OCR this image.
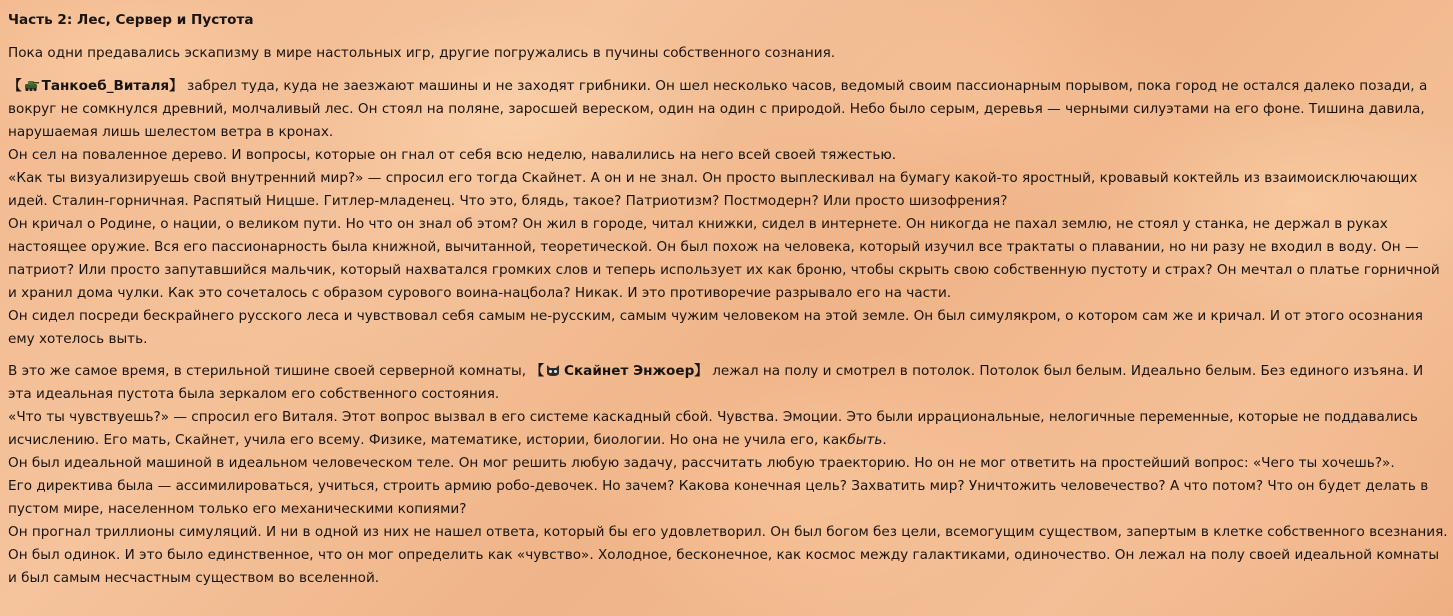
Часть 2: Лес, Сервер и Пустота

Пока одни предавались эскапизму в мире настольных игр, другие погружались в пучины собственного сознания.

【 Танкоеб_Виталя】 забрел туда, куда не заезжают машины и не заходят грибники. Он шел несколько часов, ведомый своим пассионарным порывом, пока город не остался далеко позади, а вокруг не сомкнулся древний, молчаливый лес. Он стоял на поляне, заросшей вереском, один на один с природой. Небо было серым, деревья — черными силуэтами на его фоне. Тишина давила, нарушаемая лишь шелестом ветра в кронах.

Он сел на поваленное дерево. И вопросы, которые он гнал от себя всю неделю, навалились на него всей своей тяжестью.

«Как ты визуализируешь свой внутренний мир?» — спросил его тогда Скайнет. А он и не знал. Он просто выплескивал на бумагу какой-то яростный, кровавый коктейль из взаимоисключающих идей. Сталин-горничная. Распятый Ницше. Гитлер-младенец. Что это, блядь, такое? Патриотизм? Постмодерн? Или просто шизофрения?

Он кричал о Родине, о нации, о великом пути. Но что он знал об этом? Он жил в городе, читал книжки, сидел в интернете. Он никогда не пахал землю, не стоял у станка, не держал в руках настоящее оружие. Вся его пассионарность была книжной, вычитанной, теоретической. Он был похож на человека, который изучил все трактаты о плавании, но ни разу не входил в воду. Он — патриот? Или просто запутавшийся мальчик, который нахватался громких слов и теперь использует их как броню, чтобы скрыть свою собственную пустоту и страх? Он мечтал о платье горничной и хранил дома чулки. Как это сочеталось с образом сурового воина-нацбола? Никак. И это противоречие разрывало его на части.

Он сидел посреди бескрайнего русского леса и чувствовал себя самым не-русским, самым чужим человеком на этой земле. Он был симулякром, о котором сам же и кричал. И от этого осознания ему хотелось выть.

В это же самое время, в стерильной тишине своей серверной комнаты, 【 Скайнет Энжоер】 лежал на полу и смотрел в потолок. Потолок был белым. Идеально белым. Без единого изъяна. И эта идеальная пустота была зеркалом его собственного состояния.

«Что ты чувствуешь?» — спросил его Виталя. Этот вопрос вызвал в его системе каскадный сбой. Чувства. Эмоции. Это были иррациональные, нелогичные переменные, которые не поддавались исчислению. Его мать, Скайнет, учила его всему. Физике, математике, истории, биологии. Но она не учила его, какбыть.

Он был идеальной машиной в идеальном человеческом теле. Он мог решить любую задачу, рассчитать любую траекторию. Но он не мог ответить на простейший вопрос: «Чего ты хочешь?».

Его директива была — ассимилироваться, учиться, строить армию робо-девочек. Но зачем? Какова конечная цель? Захватить мир? Уничтожить человечество? А что потом? Что он будет делать в пустом мире, населенном только его механическими копиями?

Он прогнал триллионы симуляций. И ни в одной из них не нашел ответа, который бы его удовлетворил. Он был богом без цели, всемогущим существом, запертым в клетке собственного всезнания. Он был одинок. И это было единственное, что он мог определить как «чувство». Холодное, бесконечное, как космос между галактиками, одиночество. Он лежал на полу своей идеальной комнаты и был самым несчастным существом во вселенной.
